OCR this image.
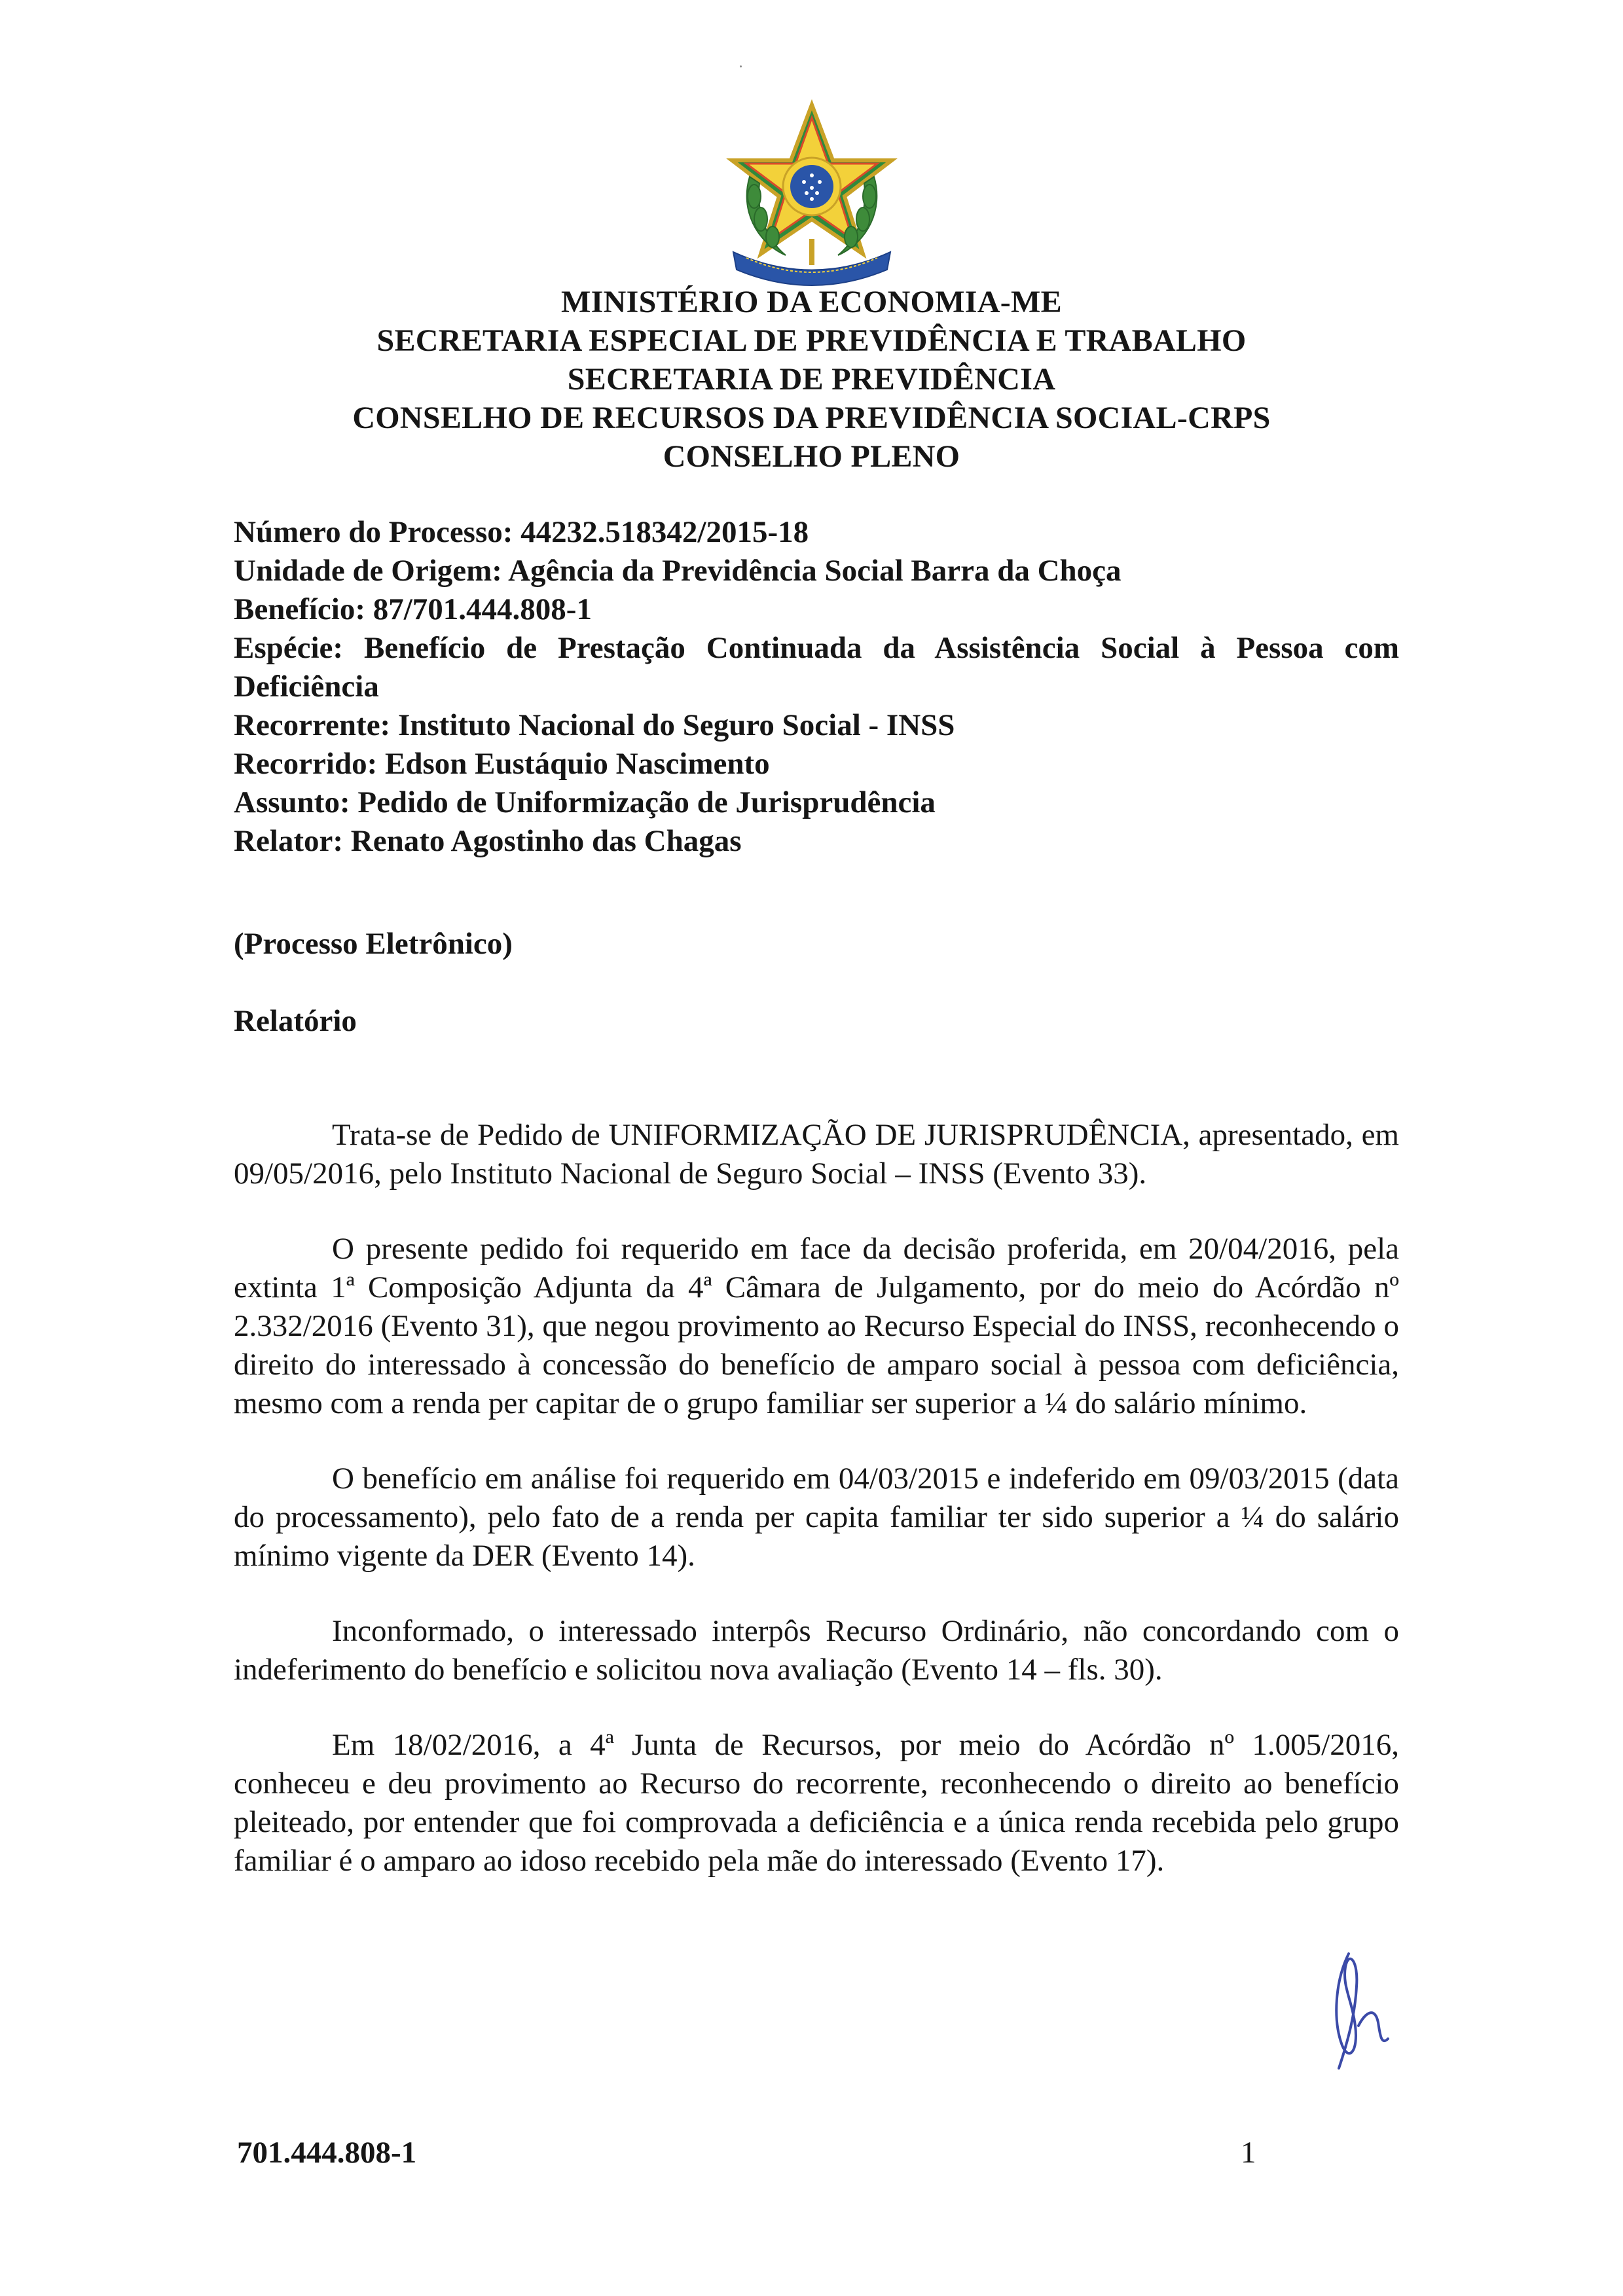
MINISTÉRIO DA ECONOMIA-ME
SECRETARIA ESPECIAL DE PREVIDÊNCIA E TRABALHO
SECRETARIA DE PREVIDÊNCIA
CONSELHO DE RECURSOS DA PREVIDÊNCIA SOCIAL-CRPS
CONSELHO PLENO
Número do Processo: 44232.518342/2015-18
Unidade de Origem: Agência da Previdência Social Barra da Choça
Benefício: 87/701.444.808-1
Espécie: Benefício de Prestação Continuada da Assistência Social à Pessoa com
Deficiência
Recorrente: Instituto Nacional do Seguro Social - INSS
Recorrido: Edson Eustáquio Nascimento
Assunto: Pedido de Uniformização de Jurisprudência
Relator: Renato Agostinho das Chagas
(Processo Eletrônico)
Relatório

Trata-se de Pedido de UNIFORMIZAÇÃO DE JURISPRUDÊNCIA, apresentado, em 09/05/2016, pelo Instituto Nacional de Seguro Social – INSS (Evento 33).

O presente pedido foi requerido em face da decisão proferida, em 20/04/2016, pela extinta 1ª Composição Adjunta da 4ª Câmara de Julgamento, por do meio do Acórdão nº 2.332/2016 (Evento 31), que negou provimento ao Recurso Especial do INSS, reconhecendo o direito do interessado à concessão do benefício de amparo social à pessoa com deficiência, mesmo com a renda per capitar de o grupo familiar ser superior a ¼ do salário mínimo.

O benefício em análise foi requerido em 04/03/2015 e indeferido em 09/03/2015 (data do processamento), pelo fato de a renda per capita familiar ter sido superior a ¼ do salário mínimo vigente da DER (Evento 14).

Inconformado, o interessado interpôs Recurso Ordinário, não concordando com o indeferimento do benefício e solicitou nova avaliação (Evento 14 – fls. 30).

Em 18/02/2016, a 4ª Junta de Recursos, por meio do Acórdão nº 1.005/2016, conheceu e deu provimento ao Recurso do recorrente, reconhecendo o direito ao benefício pleiteado, por entender que foi comprovada a deficiência e a única renda recebida pelo grupo familiar é o amparo ao idoso recebido pela mãe do interessado (Evento 17).

701.444.808-1	1
